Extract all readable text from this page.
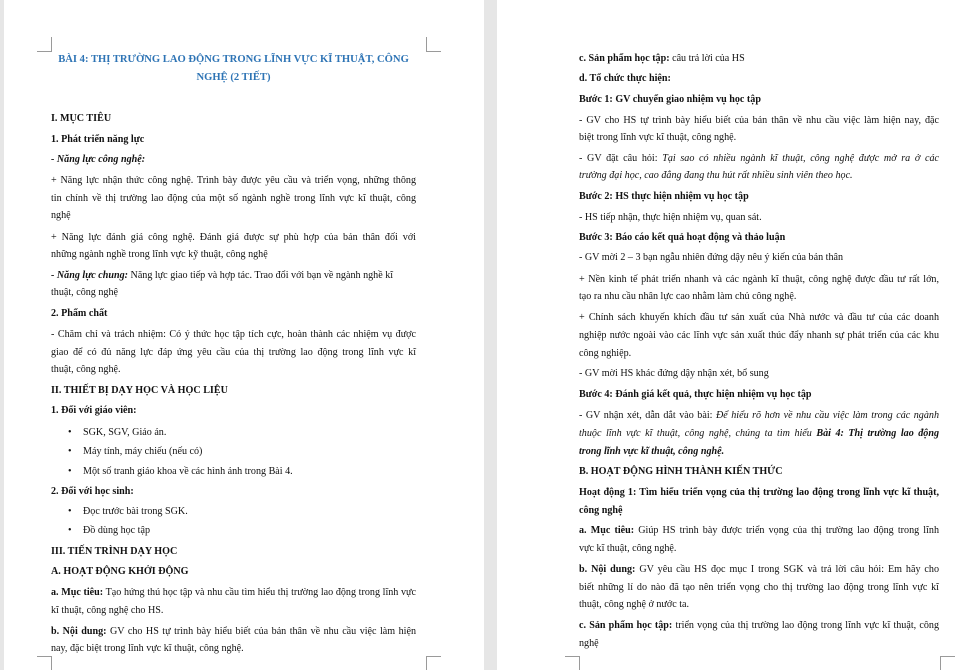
BÀI 4: THỊ TRƯỜNG LAO ĐỘNG TRONG LĨNH VỰC KĨ THUẬT, CÔNG
NGHỆ (2 TIẾT)
I. MỤC TIÊU
1. Phát triển năng lực
- Năng lực công nghệ:
+ Năng lực nhận thức công nghệ. Trình bày được yêu cầu và triển vọng, những thông
tin chính về thị trường lao động của một số ngành nghề trong lĩnh vực kĩ thuật, công
nghệ
+ Năng lực đánh giá công nghệ. Đánh giá được sự phù hợp của bản thân đối với
những ngành nghề trong lĩnh vực kỹ thuật, công nghệ
- Năng lực chung: Năng lực giao tiếp và hợp tác. Trao đổi với bạn về ngành nghề kĩ
thuật, công nghệ
2. Phẩm chất
- Chăm chỉ và trách nhiệm: Có ý thức học tập tích cực, hoàn thành các nhiệm vụ được
giao để có đủ năng lực đáp ứng yêu cầu của thị trường lao động trong lĩnh vực kĩ
thuật, công nghệ.
II. THIẾT BỊ DẠY HỌC VÀ HỌC LIỆU
1. Đối với giáo viên:
• SGK, SGV, Giáo án.
• Máy tính, máy chiếu (nếu có)
• Một số tranh giáo khoa về các hình ảnh trong Bài 4.
2. Đối với học sinh:
• Đọc trước bài trong SGK.
• Đồ dùng học tập
III. TIẾN TRÌNH DẠY HỌC
A. HOẠT ĐỘNG KHỞI ĐỘNG
a. Mục tiêu: Tạo hứng thú học tập và nhu cầu tìm hiểu thị trường lao động trong lĩnh vực
kĩ thuật, công nghệ cho HS.
b. Nội dung: GV cho HS tự trình bày hiểu biết của bản thân về nhu cầu việc làm hiện
nay, đặc biệt trong lĩnh vực kĩ thuật, công nghệ.
c. Sản phẩm học tập: câu trả lời của HS
d. Tổ chức thực hiện:
Bước 1: GV chuyển giao nhiệm vụ học tập
- GV cho HS tự trình bày hiểu biết của bản thân về nhu cầu việc làm hiện nay, đặc
biệt trong lĩnh vực kĩ thuật, công nghệ.
- GV đặt câu hỏi: Tại sao có nhiều ngành kĩ thuật, công nghệ được mở ra ở các
trường đại học, cao đẳng đang thu hút rất nhiều sinh viên theo học.
Bước 2: HS thực hiện nhiệm vụ học tập
- HS tiếp nhận, thực hiện nhiệm vụ, quan sát.
Bước 3: Báo cáo kết quả hoạt động và thảo luận
- GV mời 2 – 3 bạn ngẫu nhiên đứng dậy nêu ý kiến của bản thân
+ Nền kinh tế phát triển nhanh và các ngành kĩ thuật, công nghệ được đầu tư rất lớn,
tạo ra nhu cầu nhân lực cao nhằm làm chủ công nghệ.
+ Chính sách khuyến khích đầu tư sản xuất của Nhà nước và đầu tư của các doanh
nghiệp nước ngoài vào các lĩnh vực sản xuất thúc đẩy nhanh sự phát triển của các khu
công nghiệp.
- GV mời HS khác đứng dậy nhận xét, bổ sung
Bước 4: Đánh giá kết quả, thực hiện nhiệm vụ học tập
- GV nhận xét, dẫn dắt vào bài: Để hiểu rõ hơn về nhu cầu việc làm trong các ngành
thuộc lĩnh vực kĩ thuật, công nghệ, chúng ta tìm hiểu Bài 4: Thị trường lao động
trong lĩnh vực kĩ thuật, công nghệ.
B. HOẠT ĐỘNG HÌNH THÀNH KIẾN THỨC
Hoạt động 1: Tìm hiểu triển vọng của thị trường lao động trong lĩnh vực kĩ thuật,
công nghệ
a. Mục tiêu: Giúp HS trình bày được triển vọng của thị trường lao động trong lĩnh
vực kĩ thuật, công nghệ.
b. Nội dung: GV yêu cầu HS đọc mục I trong SGK và trả lời câu hỏi: Em hãy cho
biết những lí do nào đã tạo nên triển vọng cho thị trường lao động trong lĩnh vực kĩ
thuật, công nghệ ở nước ta.
c. Sản phẩm học tập: triển vọng của thị trường lao động trong lĩnh vực kĩ thuật, công
nghệ
